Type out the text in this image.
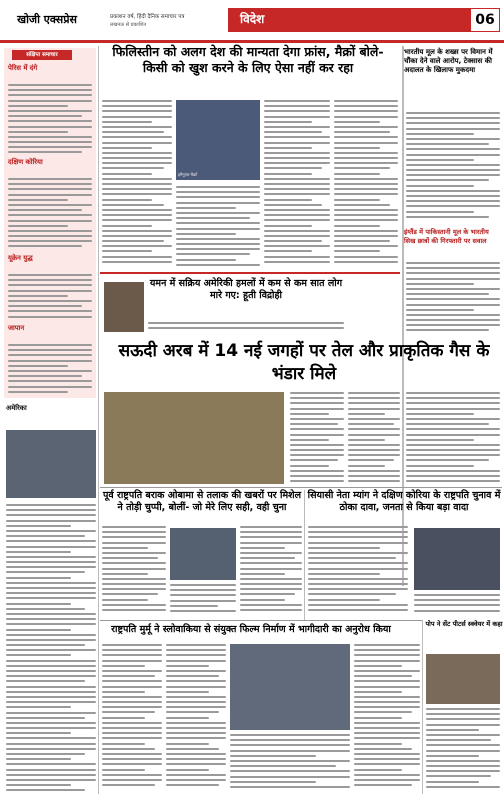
खोजी एक्सप्रेस	प्रकाशन वर्ष, हिंदी दैनिक समाचार पत्र
लखनऊ से प्रकाशित	विदेश	06
संक्षिप्त समाचार
पेरिस में दंगे
दक्षिण कोरिया
यूक्रेन युद्ध
जापान
अमेरिका
फिलिस्तीन को अलग देश की मान्यता देगा फ्रांस, मैक्रों बोले- किसी को खुश करने के लिए ऐसा नहीं कर रहा
इमैनुएल मैक्रों
भारतीय मूल के शख्स पर विमान में चौंका देने वाले आरोप, टेक्सास की अदालत के खिलाफ मुकदमा
इंग्लैंड में पाकिस्तानी मूल के भारतीय सिख छात्रों की गिरफ्तारी पर सवाल
यमन में सक्रिय अमेरिकी हमलों में कम से कम सात लोग मारे गए: हूती विद्रोही
सऊदी अरब में 14 नई जगहों पर तेल और प्राकृतिक गैस के भंडार मिले
पूर्व राष्ट्रपति बराक ओबामा से तलाक की खबरों पर मिशेल ने तोड़ी चुप्पी, बोलीं- जो मेरे लिए सही, वही चुना
सियासी नेता म्यांग ने दक्षिण कोरिया के राष्ट्रपति चुनाव में ठोका दावा, जनता से किया बड़ा वादा
राष्ट्रपति मुर्मू ने स्लोवाकिया से संयुक्त फिल्म निर्माण में भागीदारी का अनुरोध किया	पोप ने सेंट पीटर्स स्क्वेयर में कहा
